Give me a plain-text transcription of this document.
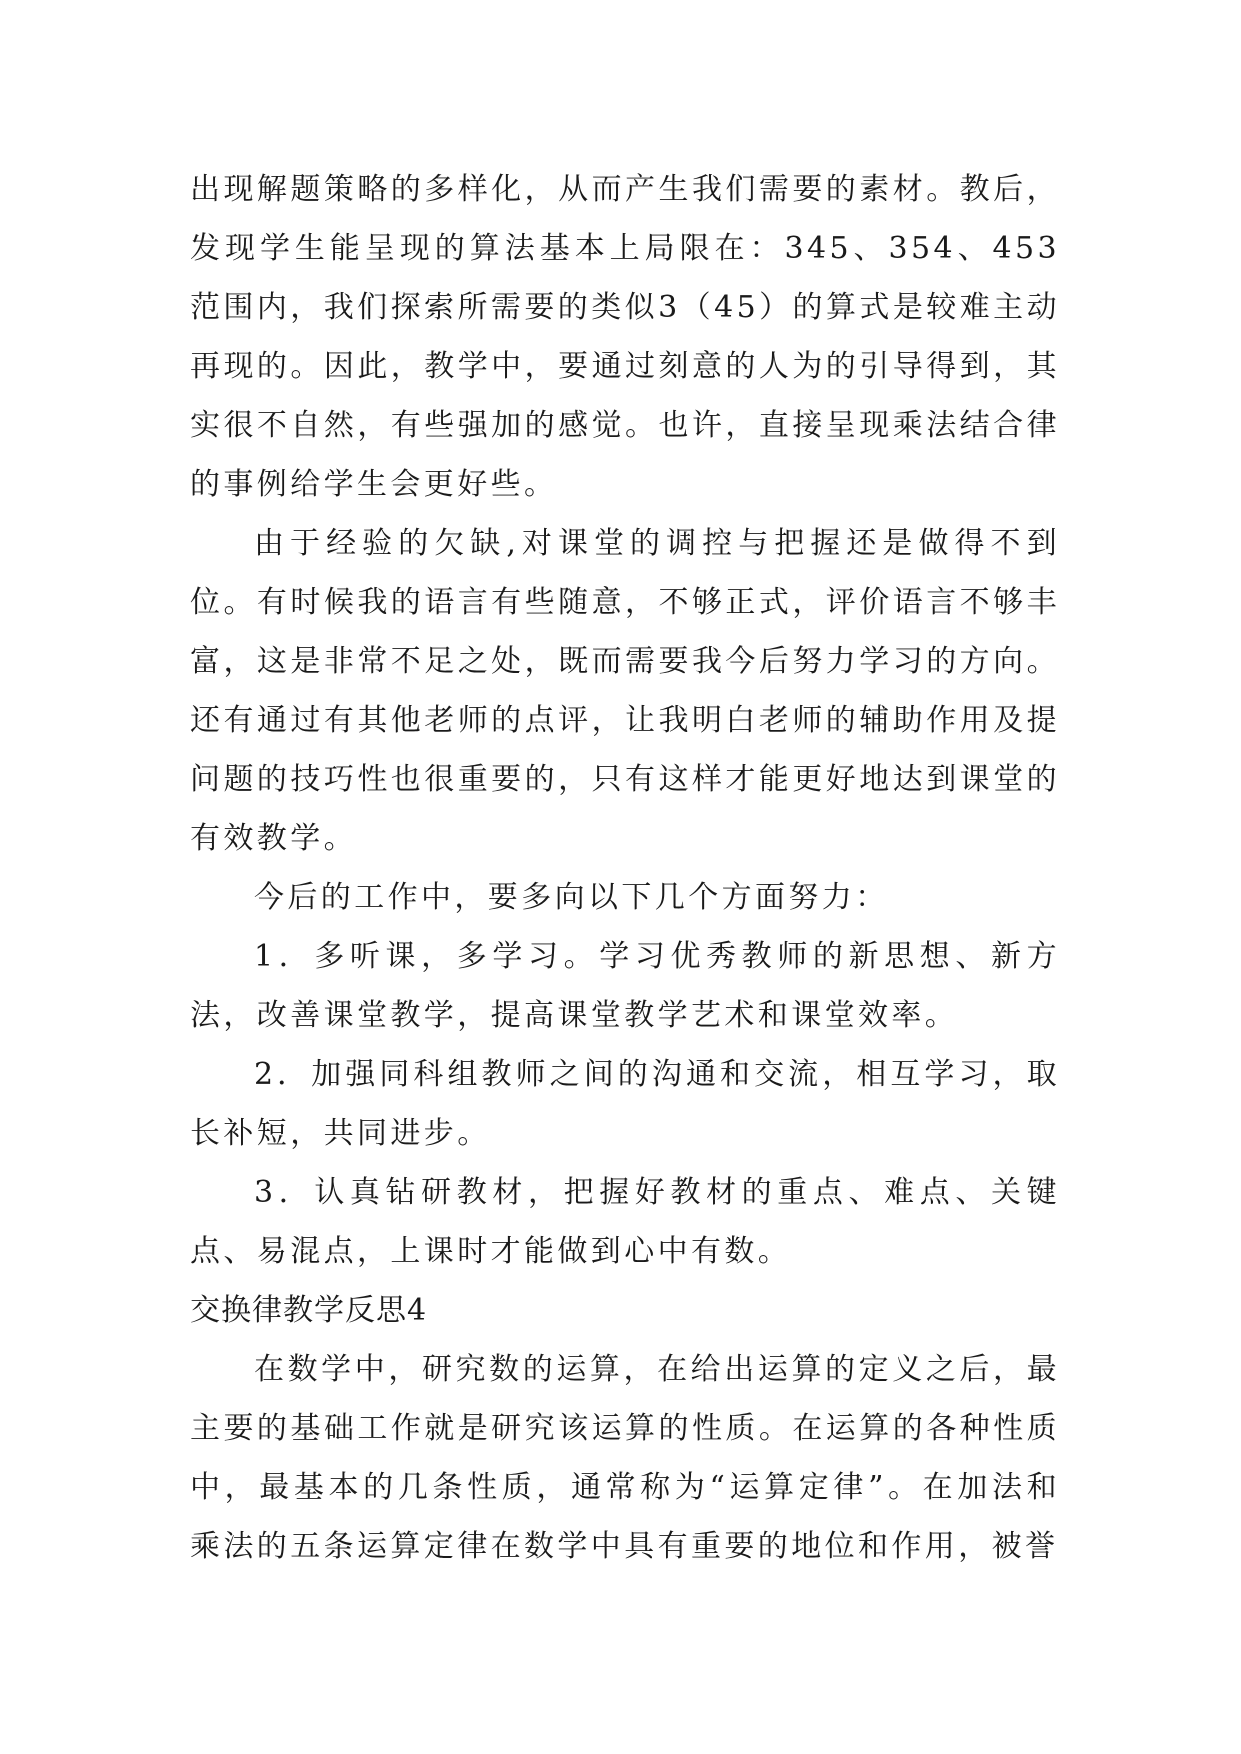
出现解题策略的多样化，从而产生我们需要的素材。教后，发现学生能呈现的算法基本上局限在：345、354、453范围内，我们探索所需要的类似3（45）的算式是较难主动再现的。因此，教学中，要通过刻意的人为的引导得到，其实很不自然，有些强加的感觉。也许，直接呈现乘法结合律的事例给学生会更好些。

由于经验的欠缺,对课堂的调控与把握还是做得不到位。有时候我的语言有些随意，不够正式，评价语言不够丰富，这是非常不足之处，既而需要我今后努力学习的方向。还有通过有其他老师的点评，让我明白老师的辅助作用及提问题的技巧性也很重要的，只有这样才能更好地达到课堂的有效教学。

今后的工作中，要多向以下几个方面努力：

1．多听课，多学习。学习优秀教师的新思想、新方法，改善课堂教学，提高课堂教学艺术和课堂效率。

2．加强同科组教师之间的沟通和交流，相互学习，取长补短，共同进步。

3．认真钻研教材，把握好教材的重点、难点、关键点、易混点，上课时才能做到心中有数。

交换律教学反思4

在数学中，研究数的运算，在给出运算的定义之后，最主要的基础工作就是研究该运算的性质。在运算的各种性质中，最基本的几条性质，通常称为“运算定律”。在加法和乘法的五条运算定律在数学中具有重要的地位和作用，被誉
